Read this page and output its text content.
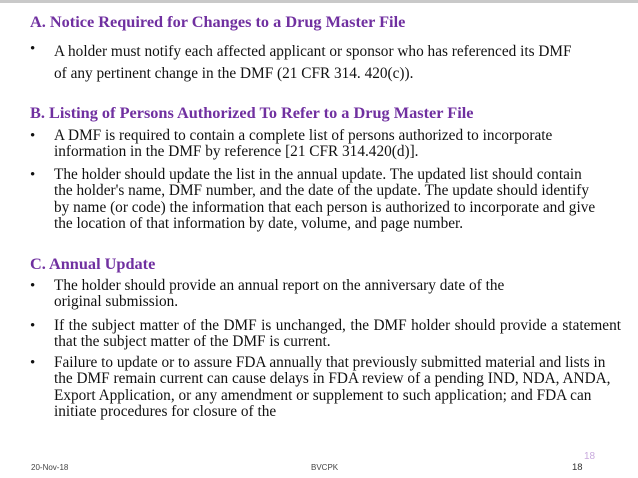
A. Notice Required for Changes to a Drug Master File
• A holder must notify each affected applicant or sponsor who has referenced its DMF of any pertinent change in the DMF (21 CFR 314. 420(c)).
B. Listing of Persons Authorized To Refer to a Drug Master File
• A DMF is required to contain a complete list of persons authorized to incorporate information in the DMF by reference [21 CFR 314.420(d)].
• The holder should update the list in the annual update. The updated list should contain the holder's name, DMF number, and the date of the update. The update should identify by name (or code) the information that each person is authorized to incorporate and give the location of that information by date, volume, and page number.
C. Annual Update
• The holder should provide an annual report on the anniversary date of the original submission.
• If the subject matter of the DMF is unchanged, the DMF holder should provide a statement that the subject matter of the DMF is current.
• Failure to update or to assure FDA annually that previously submitted material and lists in the DMF remain current can cause delays in FDA review of a pending IND, NDA, ANDA, Export Application, or any amendment or supplement to such application; and FDA can initiate procedures for closure of the
18
20-Nov-18	BVCPK	18
